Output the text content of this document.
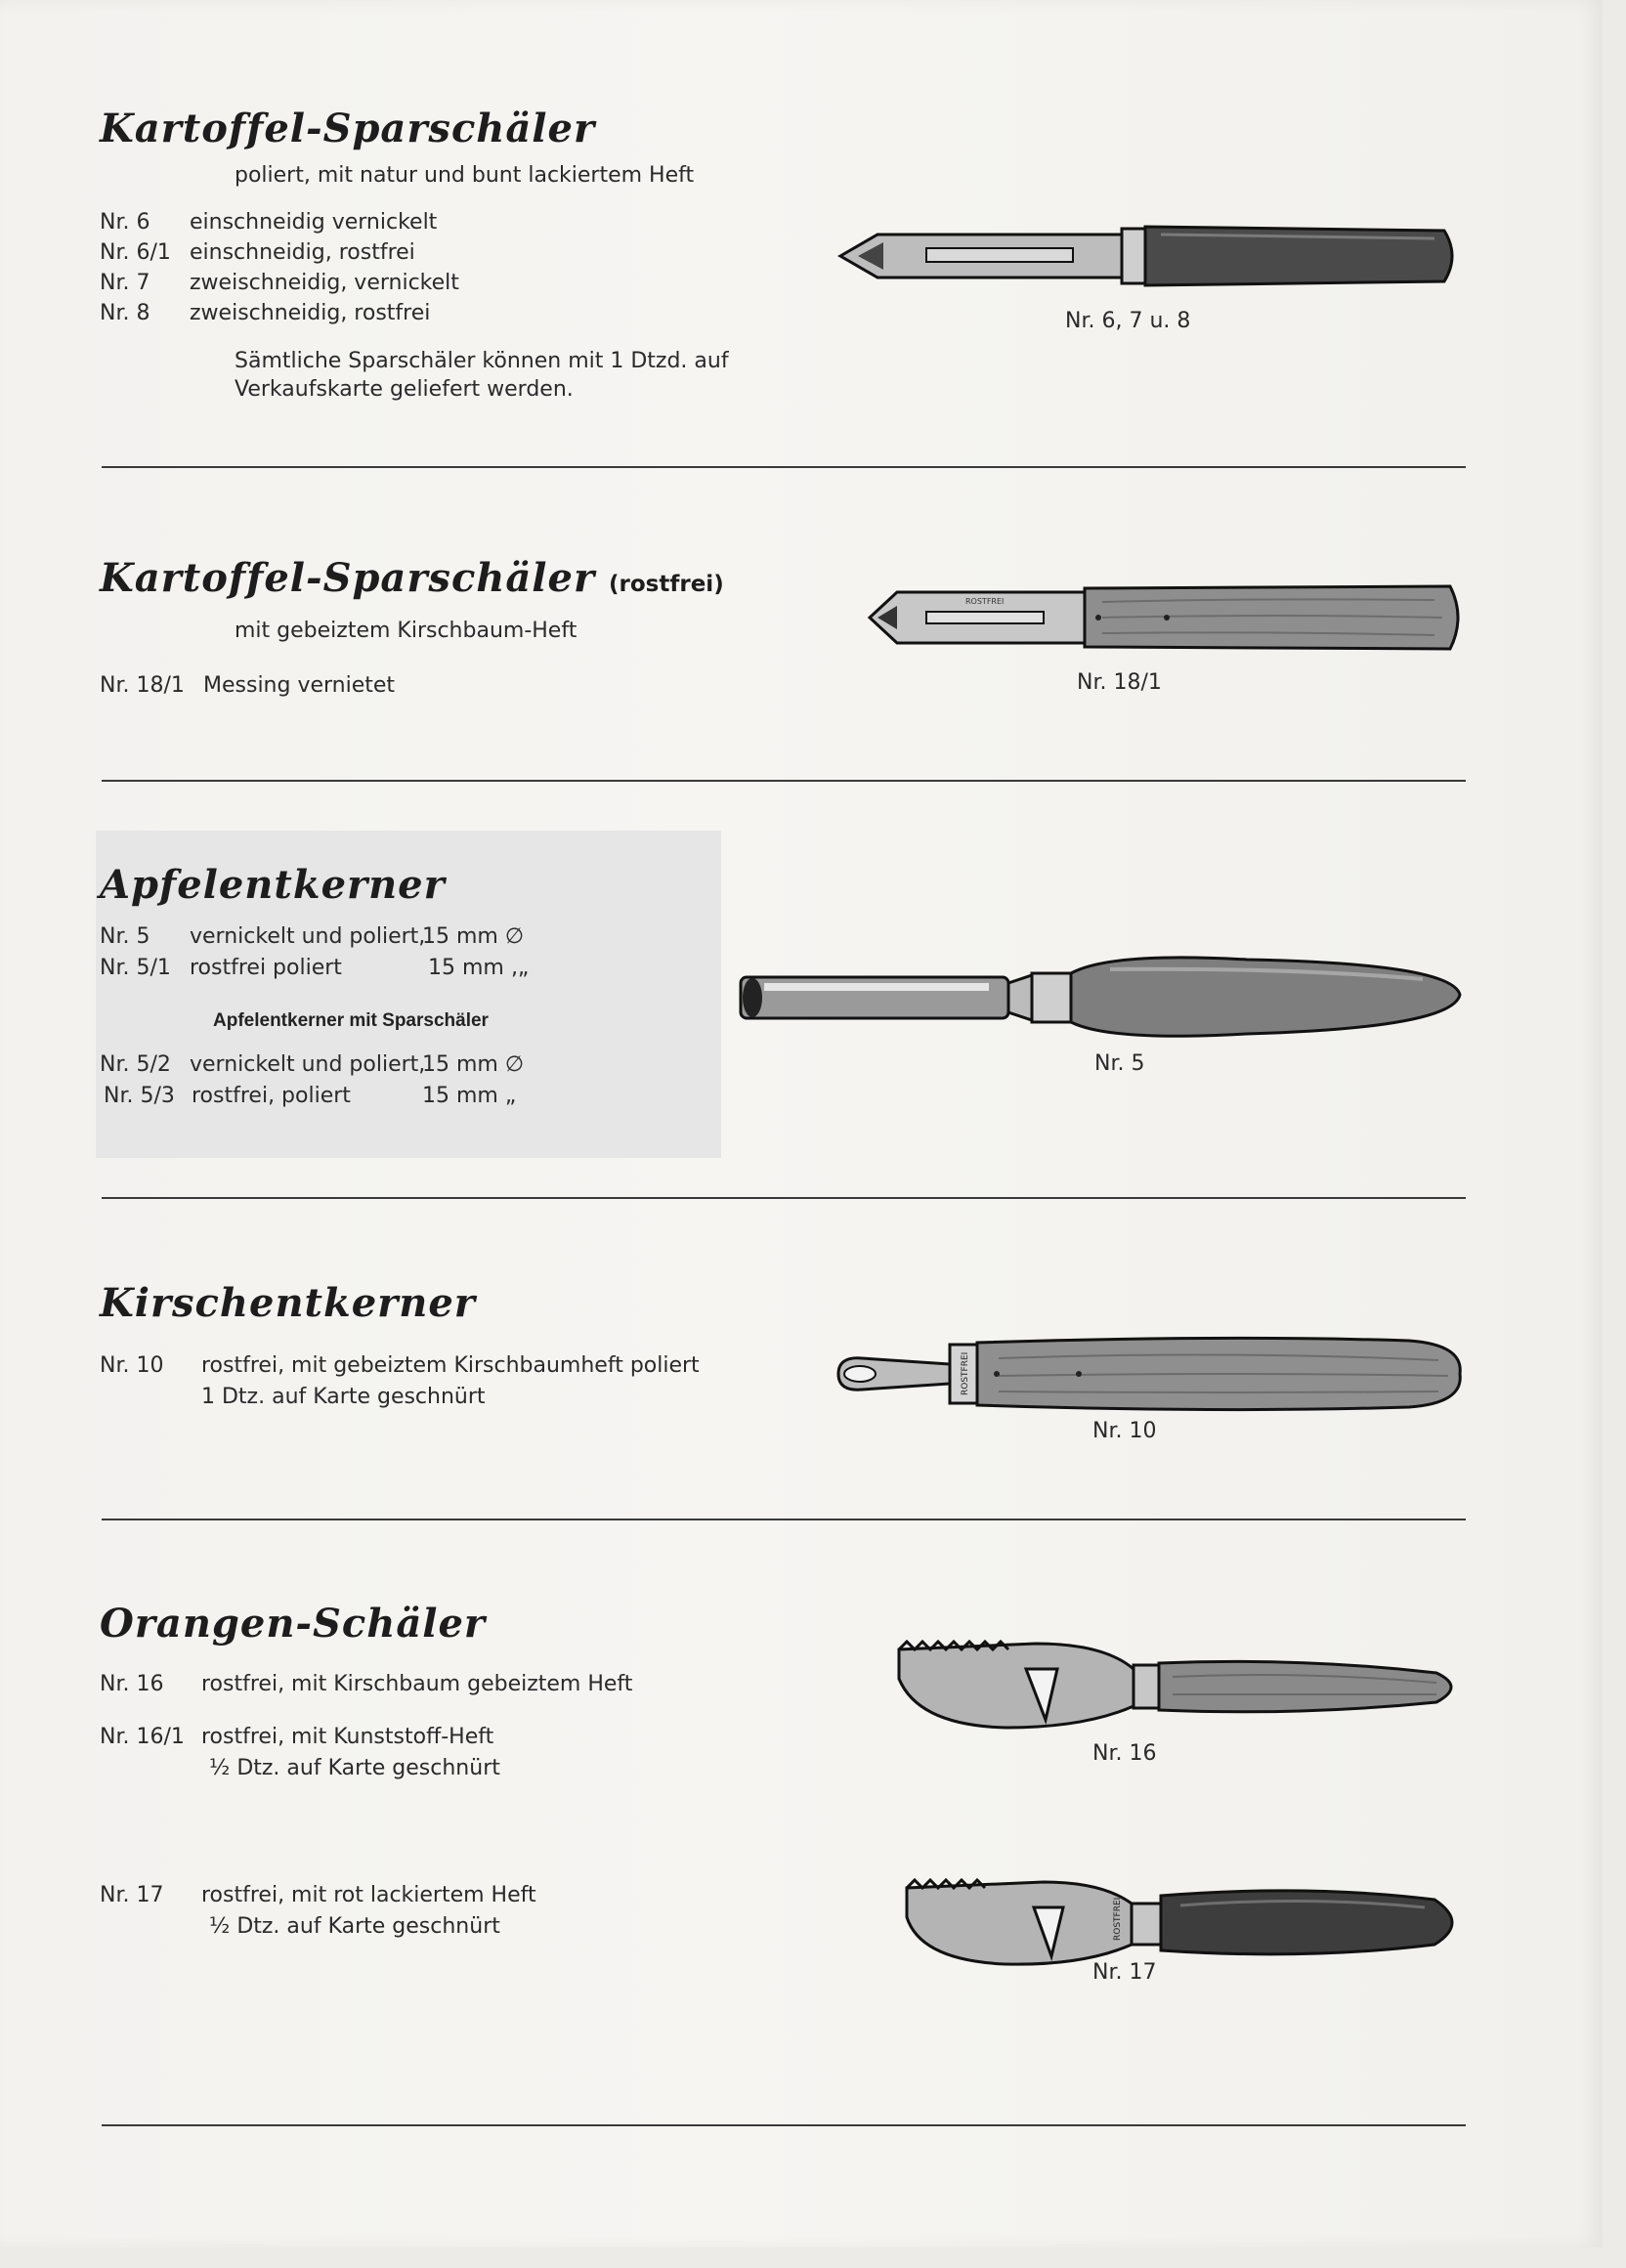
Kartoffel-Sparschäler
poliert, mit natur und bunt lackiertem Heft
Nr. 6 einschneidig vernickelt
Nr. 6/1 einschneidig, rostfrei
Nr. 7 zweischneidig, vernickelt
Nr. 8 zweischneidig, rostfrei
Sämtliche Sparschäler können mit 1 Dtzd. auf
Verkaufskarte geliefert werden.
Nr. 6, 7 u. 8
Kartoffel-Sparschäler (rostfrei)
mit gebeiztem Kirschbaum-Heft
Nr. 18/1 Messing vernietet
ROSTFREI
Nr. 18/1
Apfelentkerner
Nr. 5 vernickelt und poliert,
15 mm ∅
Nr. 5/1 rostfrei poliert	15 mm ‚„
Apfelentkerner mit Sparschäler
Nr. 5/2 vernickelt und poliert,
15 mm ∅
Nr. 5/3 rostfrei, poliert	15 mm „
Nr. 5
Kirschentkerner
Nr. 10 rostfrei, mit gebeiztem Kirschbaumheft poliert
1 Dtz. auf Karte geschnürt
ROSTFREI
Nr. 10
Orangen-Schäler
Nr. 16 rostfrei, mit Kirschbaum gebeiztem Heft
Nr. 16/1 rostfrei, mit Kunststoff-Heft
½ Dtz. auf Karte geschnürt
Nr. 17 rostfrei, mit rot lackiertem Heft
½ Dtz. auf Karte geschnürt
Nr. 16
ROSTFREI
Nr. 17
